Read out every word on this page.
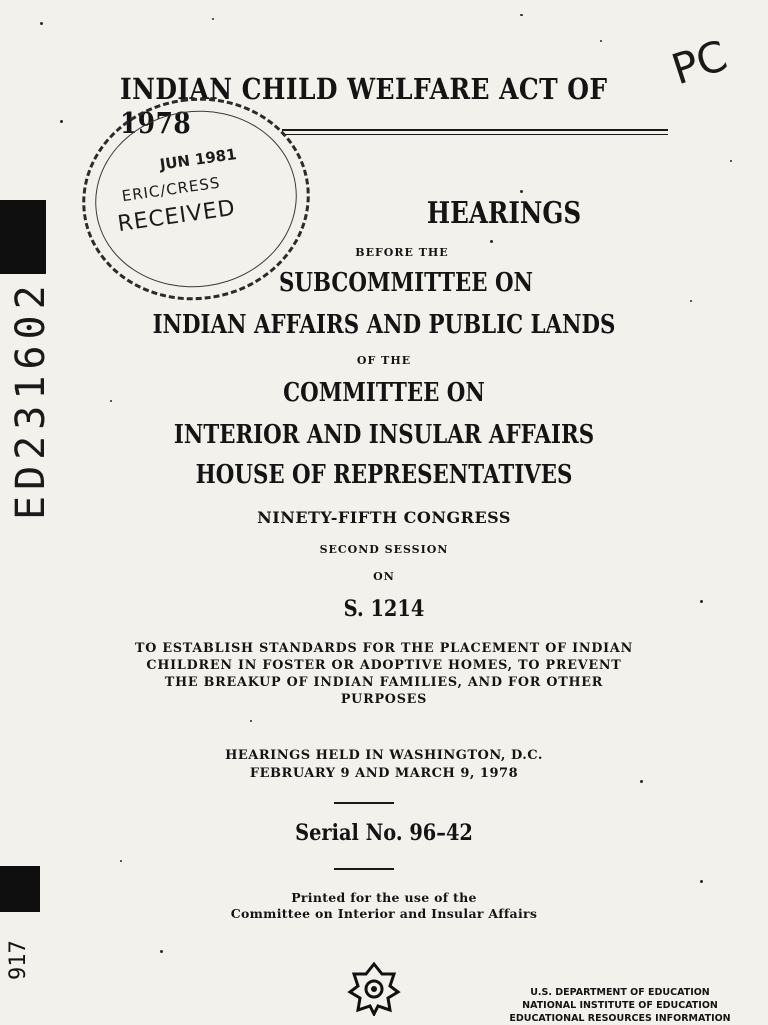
INDIAN CHILD WELFARE ACT OF 1978
PC
JUN 1981
ERIC/CRESS
RECEIVED
ED231602
HEARINGS
BEFORE THE
SUBCOMMITTEE ON
INDIAN AFFAIRS AND PUBLIC LANDS
OF THE
COMMITTEE ON
INTERIOR AND INSULAR AFFAIRS
HOUSE OF REPRESENTATIVES
NINETY-FIFTH CONGRESS
SECOND SESSION
ON
S. 1214
TO ESTABLISH STANDARDS FOR THE PLACEMENT OF INDIAN
CHILDREN IN FOSTER OR ADOPTIVE HOMES, TO PREVENT
THE BREAKUP OF INDIAN FAMILIES, AND FOR OTHER
PURPOSES
HEARINGS HELD IN WASHINGTON, D.C.
FEBRUARY 9 AND MARCH 9, 1978
Serial No. 96–42
Printed for the use of the
Committee on Interior and Insular Affairs
917
U.S. DEPARTMENT OF EDUCATION
NATIONAL INSTITUTE OF EDUCATION
EDUCATIONAL RESOURCES INFORMATION
